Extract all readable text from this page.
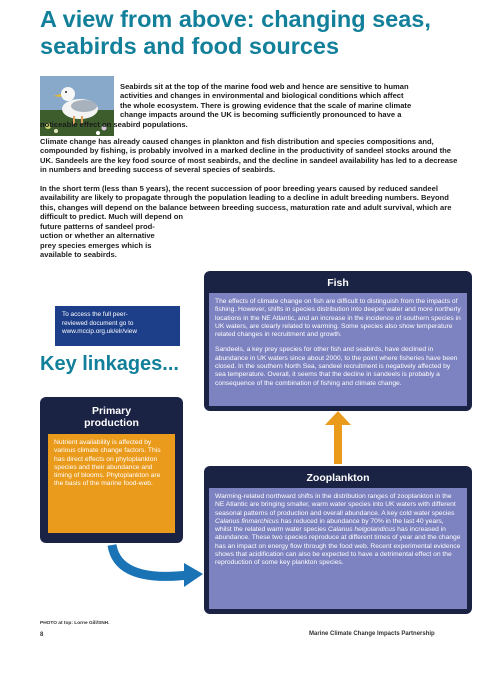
A view from above: changing seas, seabirds and food sources
Seabirds sit at the top of the marine food web and hence are sensitive to human
activities and changes in environmental and biological conditions which affect
the whole ecosystem. There is growing evidence that the scale of marine climate
change impacts around the UK is becoming sufficiently pronounced to have a
noticeable effect on seabird populations.

Climate change has already caused changes in plankton and fish distribution and species compositions and, compounded by fishing, is probably involved in a marked decline in the productivity of sandeel stocks around the UK. Sandeels are the key food source of most seabirds, and the decline in sandeel availability has led to a decrease in numbers and breeding success of several species of seabirds.

In the short term (less than 5 years), the recent succession of poor breeding years caused by reduced sandeel availability are likely to propagate through the population leading to a decline in adult breeding numbers. Beyond this, changes will depend on the balance between breeding success, maturation rate and adult survival, which are difficult to predict. Much will depend on

future patterns of sandeel prod-
uction or whether an alternative
prey species emerges which is
available to seabirds.
To access the full peer-
reviewed document go to
www.mccip.org.uk/elr/view
Key linkages...
Fish

The effects of climate change on fish are difficult to distinguish from the impacts of fishing. However, shifts in species distribution into deeper water and more northerly locations in the NE Atlantic, and an increase in the incidence of southern species in UK waters, are clearly related to warming. Some species also show temperature related changes in recruitment and growth.

Sandeels, a key prey species for other fish and seabirds, have declined in abundance in UK waters since about 2000, to the point where fisheries have been closed. In the southern North Sea, sandeel recruitment is negatively affected by sea temperature. Overall, it seems that the decline in sandeels is probably a consequence of the combination of fishing and climate change.

Zooplankton

Warming-related northward shifts in the distribution ranges of zooplankton in the NE Atlantic are bringing smaller, warm water species into UK waters with different seasonal patterns of production and overall abundance. A key cold water species Calanus finmarchicus has reduced in abundance by 70% in the last 40 years, whilst the related warm water species Calanus helgolandicus has increased in abundance. These two species reproduce at different times of year and the change has an impact on energy flow through the food web. Recent experimental evidence shows that acidification can also be expected to have a detrimental effect on the reproduction of some key plankton species.

Primary
production

Nutrient availability is affected by various climate change factors. This has direct effects on phytoplankton species and their abundance and timing of blooms. Phytoplankton are the basis of the marine food-web.

PHOTO at top: Lorne Gill/SNH.
8	Marine Climate Change Impacts Partnership
